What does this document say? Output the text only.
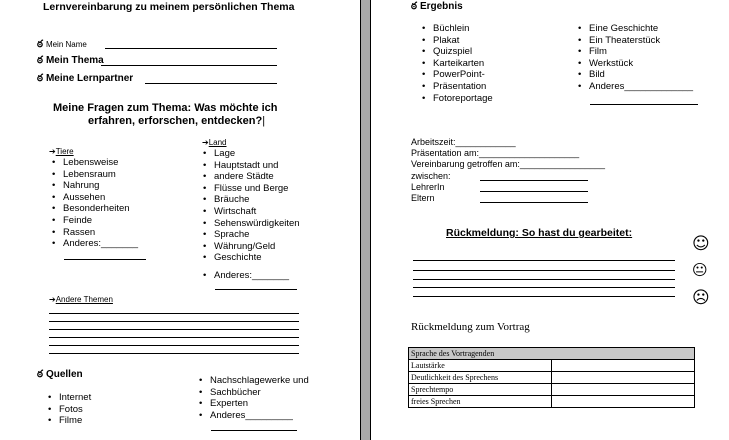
Lernvereinbarung zu meinem persönlichen Thema
ఠ Mein Name
ఠ Mein Thema
ఠ Meine Lernpartner
Meine Fragen zum Thema: Was möchte ich
erfahren, erforschen, entdecken?|
➔Tiere
• Lebensweise
• Lebensraum
• Nahrung
• Aussehen
• Besonderheiten
• Feinde
• Rassen
• Anderes:_______
➔Land
• Lage
• Hauptstadt und
• andere Städte
• Flüsse und Berge
• Bräuche
• Wirtschaft
• Sehenswürdigkeiten
• Sprache
• Währung/Geld
• Geschichte
• Anderes:_______
➔Andere Themen
ఠ Quellen
• Internet
• Fotos
• Filme
• Nachschlagewerke und
• Sachbücher
• Experten
• Anderes_________
ఠ Ergebnis
• Büchlein
• Plakat
• Quizspiel
• Karteikarten
• PowerPoint-
• Präsentation
• Fotoreportage
• Eine Geschichte
• Ein Theaterstück
• Film
• Werkstück
• Bild
• Anderes_____________
Arbeitszeit:____________
Präsentation am:____________________
Vereinbarung getroffen am:_________________
zwischen:
LehrerIn
Eltern
Rückmeldung: So hast du gearbeitet:
☺
😐
☹
Rückmeldung zum Vortrag
Sprache des Vortragenden	
Lautstärke	
Deutlichkeit des Sprechens	
Sprechtempo	
freies Sprechen	
